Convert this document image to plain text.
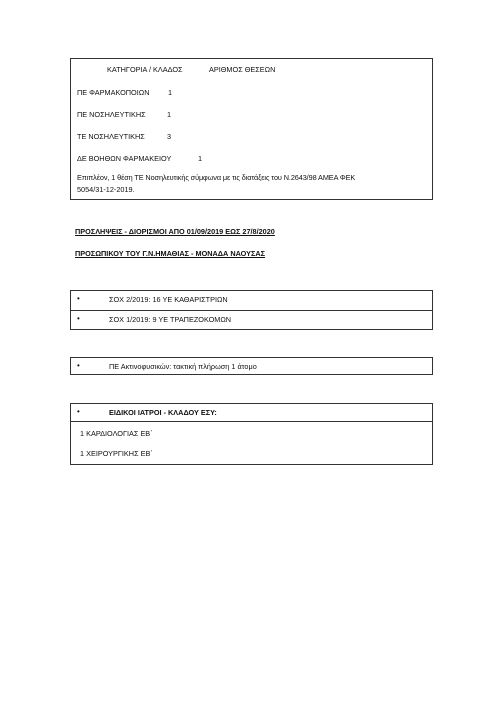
ΚΑΤΗΓΟΡΙΑ / ΚΛΑΔΟΣ	ΑΡΙΘΜΟΣ ΘΕΣΕΩΝ
ΠΕ ΦΑΡΜΑΚΟΠΟΙΩΝ	1
ΠΕ ΝΟΣΗΛΕΥΤΙΚΗΣ	1
ΤΕ ΝΟΣΗΛΕΥΤΙΚΗΣ	3
ΔΕ ΒΟΗΘΩΝ ΦΑΡΜΑΚΕΙΟΥ	1
Επιπλέον, 1 θέση ΤΕ Νοσηλευτικής σύμφωνα με τις διατάξεις του Ν.2643/98 ΑΜΕΑ ΦΕΚ
5054/31-12-2019.
ΠΡΟΣΛΗΨΕΙΣ - ΔΙΟΡΙΣΜΟΙ ΑΠΟ 01/09/2019 ΕΩΣ 27/8/2020
ΠΡΟΣΩΠΙΚΟΥ ΤΟΥ Γ.Ν.ΗΜΑΘΙΑΣ - ΜΟΝΑΔΑ ΝΑΟΥΣΑΣ
•	ΣΟΧ 2/2019: 16 ΥΕ ΚΑΘΑΡΙΣΤΡΙΩΝ
•	ΣΟΧ 1/2019: 9 ΥΕ ΤΡΑΠΕΖΟΚΟΜΩΝ
•	ΠΕ Ακτινοφυσικών: τακτική πλήρωση 1 άτομο
•	ΕΙΔΙΚΟΙ ΙΑΤΡΟΙ - ΚΛΑΔΟΥ ΕΣΥ:
1 ΚΑΡΔΙΟΛΟΓΙΑΣ ΕΒ΄
1 ΧΕΙΡΟΥΡΓΙΚΗΣ ΕΒ΄
